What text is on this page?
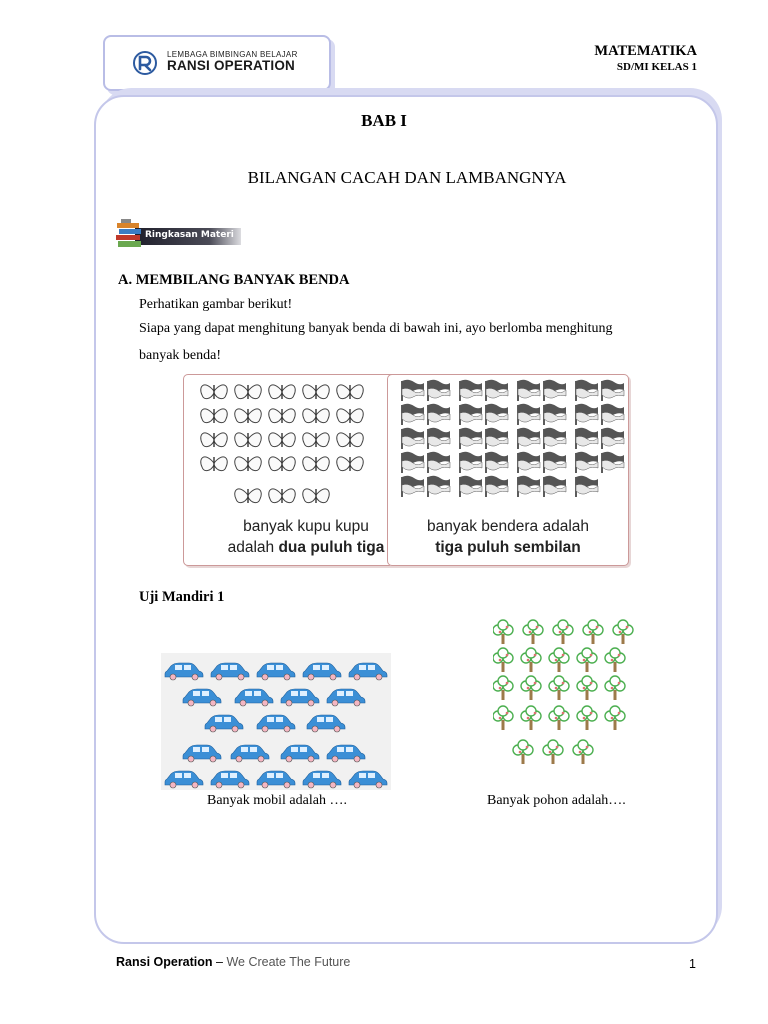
LEMBAGA BIMBINGAN BELAJAR
RANSI OPERATION
MATEMATIKA
SD/MI KELAS 1
BAB I
BILANGAN CACAH DAN LAMBANGNYA
Ringkasan Materi
A. MEMBILANG BANYAK BENDA
Perhatikan gambar berikut!
Siapa yang dapat menghitung banyak benda di bawah ini, ayo berlomba menghitung
banyak benda!
banyak kupu kupu
adalah dua puluh tiga
banyak bendera adalah
tiga puluh sembilan
Uji Mandiri 1
Banyak mobil adalah ….	Banyak pohon adalah….
Ransi Operation – We Create The Future	1
